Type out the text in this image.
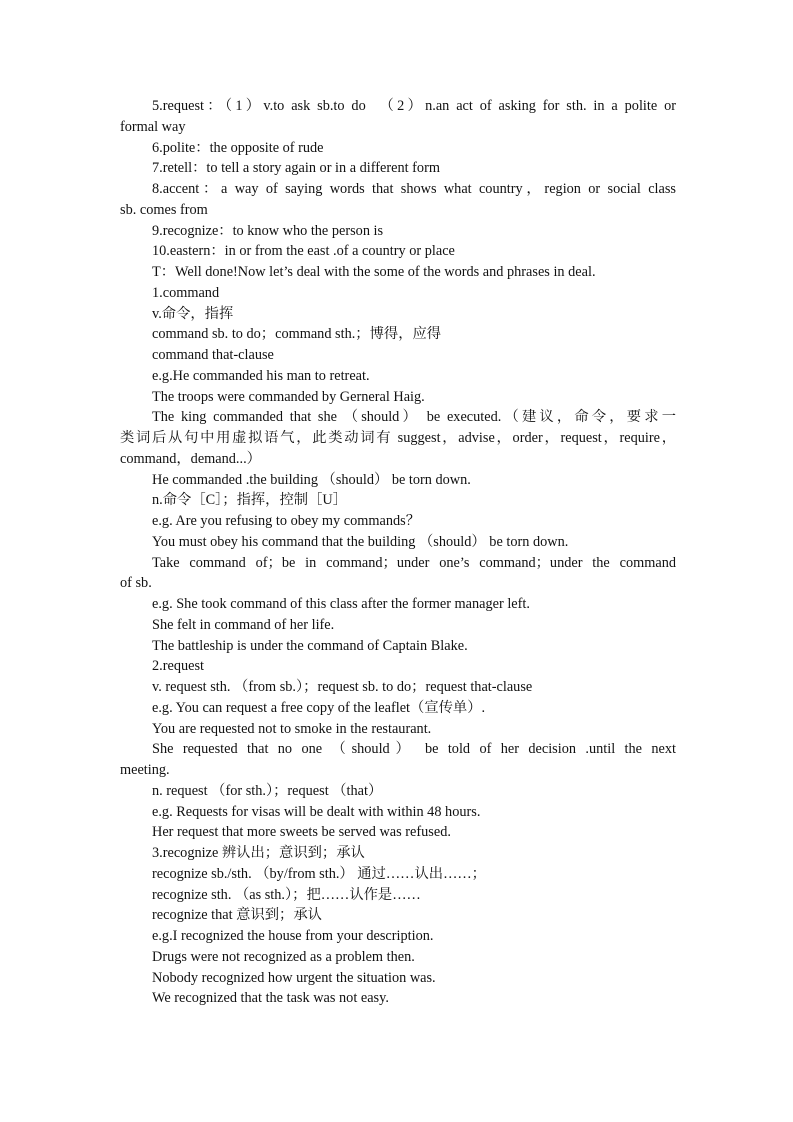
5.request：（1）v.to ask sb.to do　（2）n.an act of asking for sth. in a polite or
formal way
6.polite：the opposite of rude
7.retell：to tell a story again or in a different form
8.accent：a way of saying words that shows what country，region or social class
sb. comes from
9.recognize：to know who the person is
10.eastern：in or from the east .of a country or place
T：Well done!Now let’s deal with the some of the words and phrases in deal.
1.command
v.命令，指挥
command sb. to do；command sth.；博得，应得
command that-clause
e.g.He commanded his man to retreat.
The troops were commanded by Gerneral Haig.
The king commanded that she （should） be executed.（建议，命令，要求一
类词后从句中用虚拟语气，此类动词有 suggest，advise，order，request，require，
command，demand...）
He commanded .the building （should） be torn down.
n.命令［C］；指挥，控制［U］
e.g. Are you refusing to obey my commands？
You must obey his command that the building （should） be torn down.
Take command of；be in command；under one’s command；under the command
of sb.
e.g. She took command of this class after the former manager left.
She felt in command of her life.
The battleship is under the command of Captain Blake.
2.request
v. request sth. （from sb.）；request sb. to do；request that-clause
e.g. You can request a free copy of the leaflet（宣传单）.
You are requested not to smoke in the restaurant.
She requested that no one （should） be told of her decision .until the next
meeting.
n. request （for sth.）；request （that）
e.g. Requests for visas will be dealt with within 48 hours.
Her request that more sweets be served was refused.
3.recognize 辨认出；意识到；承认
recognize sb./sth. （by/from sth.） 通过……认出……；
recognize sth. （as sth.）；把……认作是……
recognize that 意识到；承认
e.g.I recognized the house from your description.
Drugs were not recognized as a problem then.
Nobody recognized how urgent the situation was.
We recognized that the task was not easy.
